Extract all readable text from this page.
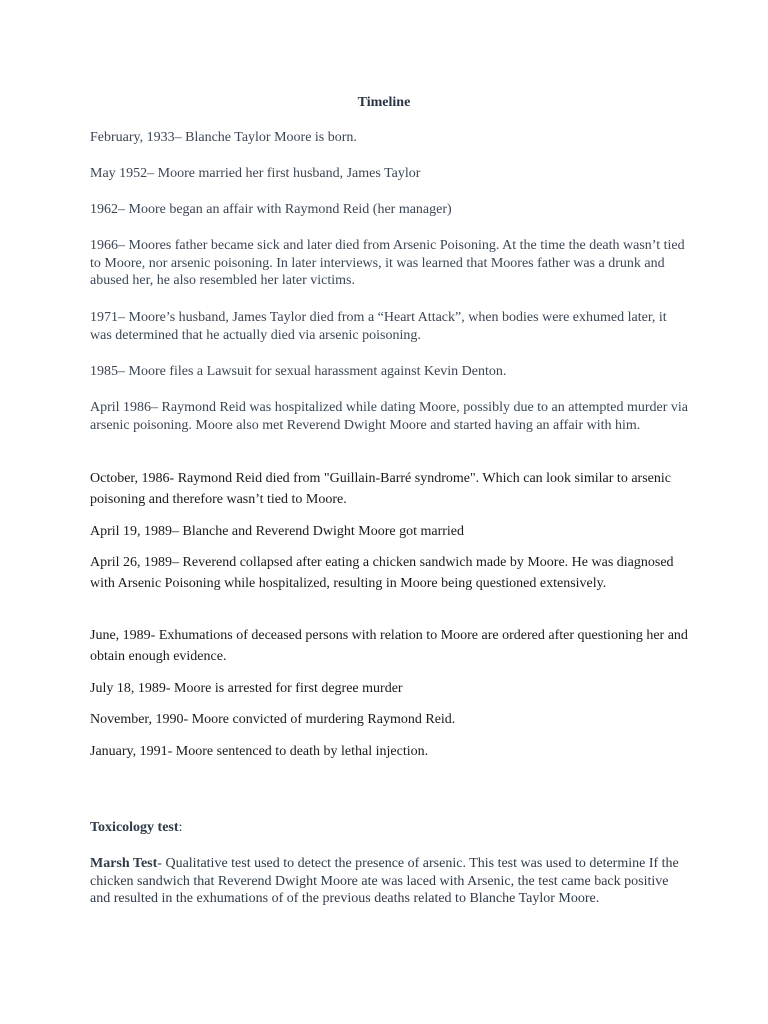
Timeline

February, 1933– Blanche Taylor Moore is born.

May 1952– Moore married her first husband, James Taylor

1962– Moore began an affair with Raymond Reid (her manager)

1966– Moores father became sick and later died from Arsenic Poisoning. At the time the death wasn’t tied to Moore, nor arsenic poisoning. In later interviews, it was learned that Moores father was a drunk and abused her, he also resembled her later victims.

1971– Moore’s husband, James Taylor died from a “Heart Attack”, when bodies were exhumed later, it was determined that he actually died via arsenic poisoning.

1985– Moore files a Lawsuit for sexual harassment against Kevin Denton.

April 1986– Raymond Reid was hospitalized while dating Moore, possibly due to an attempted murder via arsenic poisoning. Moore also met Reverend Dwight Moore and started having an affair with him.

October, 1986- Raymond Reid died from "Guillain-Barré syndrome". Which can look similar to arsenic poisoning and therefore wasn’t tied to Moore.

April 19, 1989– Blanche and Reverend Dwight Moore got married

April 26, 1989– Reverend collapsed after eating a chicken sandwich made by Moore. He was diagnosed with Arsenic Poisoning while hospitalized, resulting in Moore being questioned extensively.

June, 1989- Exhumations of deceased persons with relation to Moore are ordered after questioning her and obtain enough evidence.

July 18, 1989- Moore is arrested for first degree murder

November, 1990- Moore convicted of murdering Raymond Reid.

January, 1991- Moore sentenced to death by lethal injection.

Toxicology test:

Marsh Test- Qualitative test used to detect the presence of arsenic. This test was used to determine If the chicken sandwich that Reverend Dwight Moore ate was laced with Arsenic, the test came back positive and resulted in the exhumations of of the previous deaths related to Blanche Taylor Moore.
